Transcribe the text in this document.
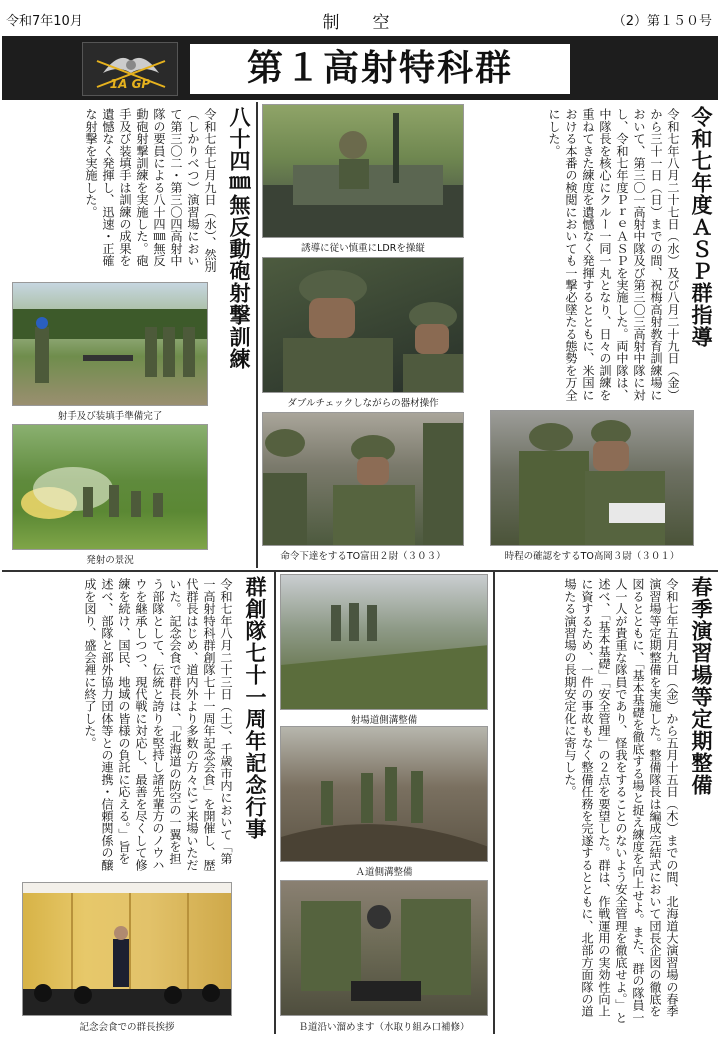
令和7年10月	制　空	（2）第１５０号
1A GP	第１高射特科群
令和七年度ＡＳＰ群指導
令和七年八月二十七日（水）及び八月二十九日（金）から三十一日（日）までの間、祝梅高射教育訓練場において、第三〇一高射中隊及び第三〇三高射中隊に対し、令和七年度ＰｒｅＡＳＰを実施した。両中隊は、中隊長を核心にクルー一同一丸となり、日々の訓練を重ねてきた練度を遺憾なく発揮するとともに、米国における本番の検閲においても一撃必墜たる態勢を万全にした。
誘導に従い慎重にLDRを操縦
ダブルチェックしながらの器材操作
命令下達をするTO富田２尉（３０３）	時程の確認をするTO高岡３尉（３０１）
八十四㎜無反動砲射撃訓練
令和七年七月九日（水）、然別（しかりべつ）演習場において第三〇二・第三〇四高射中隊の要員による八十四㎜無反動砲射撃訓練を実施した。砲手及び装填手は訓練の成果を遺憾なく発揮し、迅速・正確な射撃を実施した。
射手及び装填手準備完了
発射の景況
春季演習場等定期整備
令和七年五月九日（金）から五月十五日（木）までの間、北海道大演習場の春季演習場等定期整備を実施した。整備隊長は編成完結式において団長企図の徹底を図るとともに、「基本基礎を徹底する場と捉え練度を向上せよ。また、群の隊員一人一人が貴重な隊員であり、怪我をすることのないよう安全管理を徹底せよ。」と述べ、「基本基礎」「安全管理」の２点を要望した。群は、作戦運用の実効性向上に資するため、一件の事故もなく整備任務を完遂するとともに、北部方面隊の道場たる演習場の長期安定化に寄与した。
射場道側溝整備
Ａ道側溝整備
Ｂ道沿い溜めます（水取り組み口補修）
群創隊七十一周年記念行事
令和七年八月二十三日（土）、千歳市内において「第一高射特科群創隊七十一周年記念会食」を開催し、歴代群長はじめ、道内外より多数の方々にご来場いただいた。記念会食で群長は、「北海道の防空の一翼を担う部隊として、伝統と誇りを堅持し諸先輩方のノウハウを継承しつつ、現代戦に対応し、最善を尽くして修練を続け、国民、地域の皆様の負託に応える。」旨を述べ、部隊と部外協力団体等との連携・信頼関係の醸成を図り、盛会裡に終了した。
記念会食での群長挨拶
